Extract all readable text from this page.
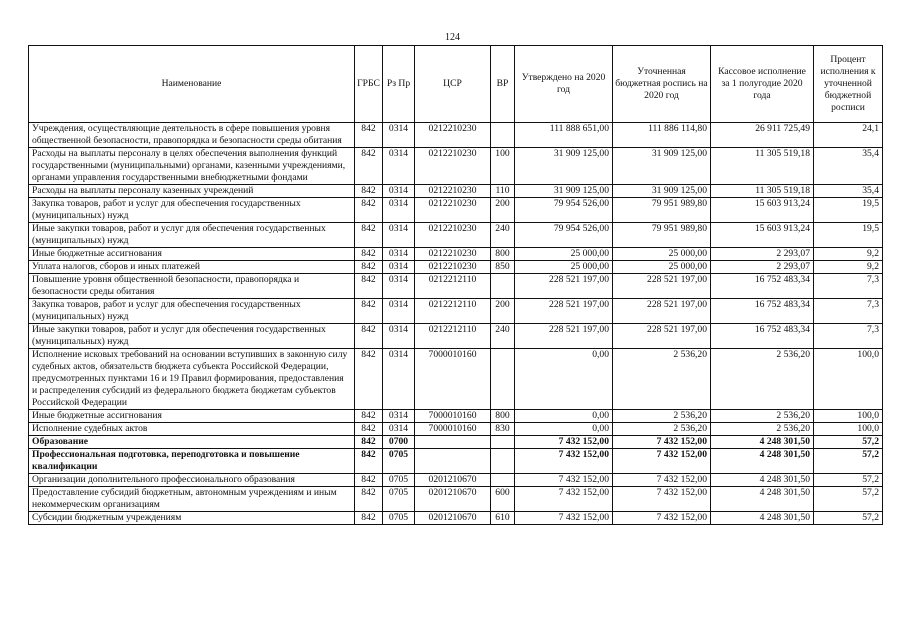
124
Наименование	ГРБС	Рз Пр	ЦСР	ВР	Утверждено на 2020 год	Уточненная бюджетная роспись на 2020 год	Кассовое исполнение за 1 полугодие 2020 года	Процент исполнения к уточненной бюджетной росписи
Учреждения, осуществляющие деятельность в сфере повышения уровня общественной безопасности, правопорядка и безопасности среды обитания	842	0314	0212210230		111 888 651,00	111 886 114,80	26 911 725,49	24,1
Расходы на выплаты персоналу в целях обеспечения выполнения функций государственными (муниципальными) органами, казенными учреждениями, органами управления государственными внебюджетными фондами	842	0314	0212210230	100	31 909 125,00	31 909 125,00	11 305 519,18	35,4
Расходы на выплаты персоналу казенных учреждений	842	0314	0212210230	110	31 909 125,00	31 909 125,00	11 305 519,18	35,4
Закупка товаров, работ и услуг для обеспечения государственных (муниципальных) нужд	842	0314	0212210230	200	79 954 526,00	79 951 989,80	15 603 913,24	19,5
Иные закупки товаров, работ и услуг для обеспечения государственных (муниципальных) нужд	842	0314	0212210230	240	79 954 526,00	79 951 989,80	15 603 913,24	19,5
Иные бюджетные ассигнования	842	0314	0212210230	800	25 000,00	25 000,00	2 293,07	9,2
Уплата налогов, сборов и иных платежей	842	0314	0212210230	850	25 000,00	25 000,00	2 293,07	9,2
Повышение уровня общественной безопасности, правопорядка и безопасности среды обитания	842	0314	0212212110		228 521 197,00	228 521 197,00	16 752 483,34	7,3
Закупка товаров, работ и услуг для обеспечения государственных (муниципальных) нужд	842	0314	0212212110	200	228 521 197,00	228 521 197,00	16 752 483,34	7,3
Иные закупки товаров, работ и услуг для обеспечения государственных (муниципальных) нужд	842	0314	0212212110	240	228 521 197,00	228 521 197,00	16 752 483,34	7,3
Исполнение исковых требований на основании вступивших в законную силу судебных актов, обязательств бюджета субъекта Российской Федерации, предусмотренных пунктами 16 и 19 Правил формирования, предоставления и распределения субсидий из федерального бюджета бюджетам субъектов Российской Федерации	842	0314	7000010160		0,00	2 536,20	2 536,20	100,0
Иные бюджетные ассигнования	842	0314	7000010160	800	0,00	2 536,20	2 536,20	100,0
Исполнение судебных актов	842	0314	7000010160	830	0,00	2 536,20	2 536,20	100,0
Образование	842	0700			7 432 152,00	7 432 152,00	4 248 301,50	57,2
Профессиональная подготовка, переподготовка и повышение квалификации	842	0705			7 432 152,00	7 432 152,00	4 248 301,50	57,2
Организации дополнительного профессионального образования	842	0705	0201210670		7 432 152,00	7 432 152,00	4 248 301,50	57,2
Предоставление субсидий бюджетным, автономным учреждениям и иным некоммерческим организациям	842	0705	0201210670	600	7 432 152,00	7 432 152,00	4 248 301,50	57,2
Субсидии бюджетным учреждениям	842	0705	0201210670	610	7 432 152,00	7 432 152,00	4 248 301,50	57,2
